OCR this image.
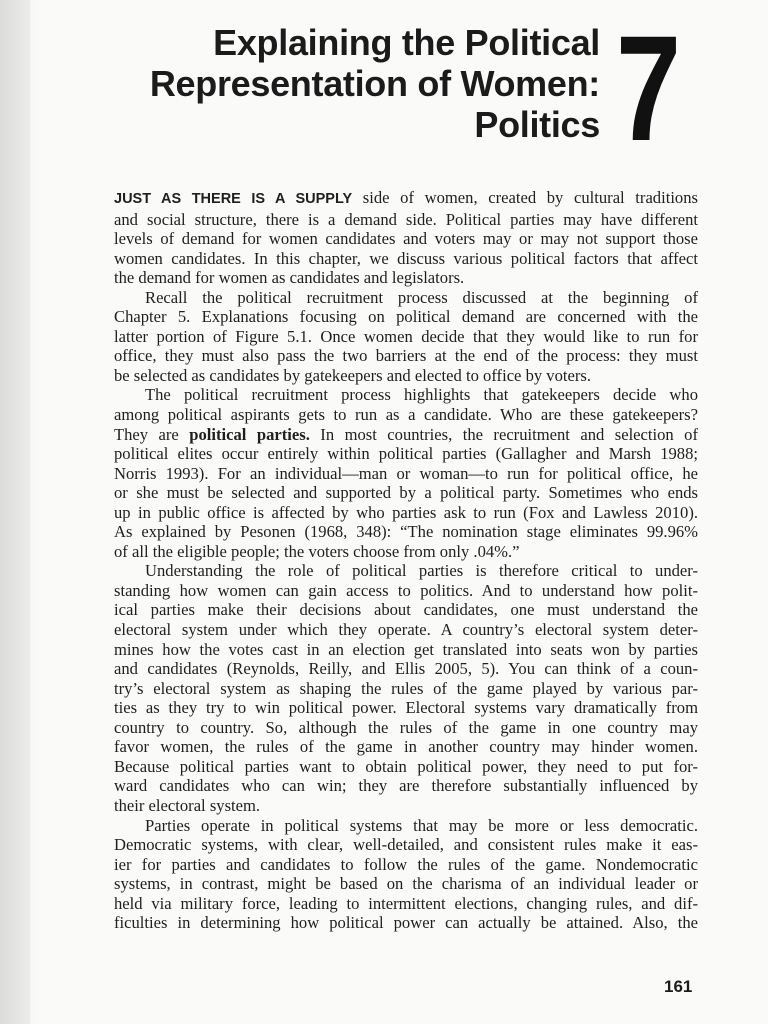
Explaining the Political
Representation of Women:
Politics 7
JUST AS THERE IS A SUPPLY side of women, created by cultural traditions
and social structure, there is a demand side. Political parties may have different
levels of demand for women candidates and voters may or may not support those
women candidates. In this chapter, we discuss various political factors that affect
the demand for women as candidates and legislators.
Recall the political recruitment process discussed at the beginning of
Chapter 5. Explanations focusing on political demand are concerned with the
latter portion of Figure 5.1. Once women decide that they would like to run for
office, they must also pass the two barriers at the end of the process: they must
be selected as candidates by gatekeepers and elected to office by voters.
The political recruitment process highlights that gatekeepers decide who
among political aspirants gets to run as a candidate. Who are these gatekeepers?
They are political parties. In most countries, the recruitment and selection of
political elites occur entirely within political parties (Gallagher and Marsh 1988;
Norris 1993). For an individual—man or woman—to run for political office, he
or she must be selected and supported by a political party. Sometimes who ends
up in public office is affected by who parties ask to run (Fox and Lawless 2010).
As explained by Pesonen (1968, 348): “The nomination stage eliminates 99.96%
of all the eligible people; the voters choose from only .04%.”
Understanding the role of political parties is therefore critical to under-
standing how women can gain access to politics. And to understand how polit-
ical parties make their decisions about candidates, one must understand the
electoral system under which they operate. A country’s electoral system deter-
mines how the votes cast in an election get translated into seats won by parties
and candidates (Reynolds, Reilly, and Ellis 2005, 5). You can think of a coun-
try’s electoral system as shaping the rules of the game played by various par-
ties as they try to win political power. Electoral systems vary dramatically from
country to country. So, although the rules of the game in one country may
favor women, the rules of the game in another country may hinder women.
Because political parties want to obtain political power, they need to put for-
ward candidates who can win; they are therefore substantially influenced by
their electoral system.
Parties operate in political systems that may be more or less democratic.
Democratic systems, with clear, well-detailed, and consistent rules make it eas-
ier for parties and candidates to follow the rules of the game. Nondemocratic
systems, in contrast, might be based on the charisma of an individual leader or
held via military force, leading to intermittent elections, changing rules, and dif-
ficulties in determining how political power can actually be attained. Also, the
161
